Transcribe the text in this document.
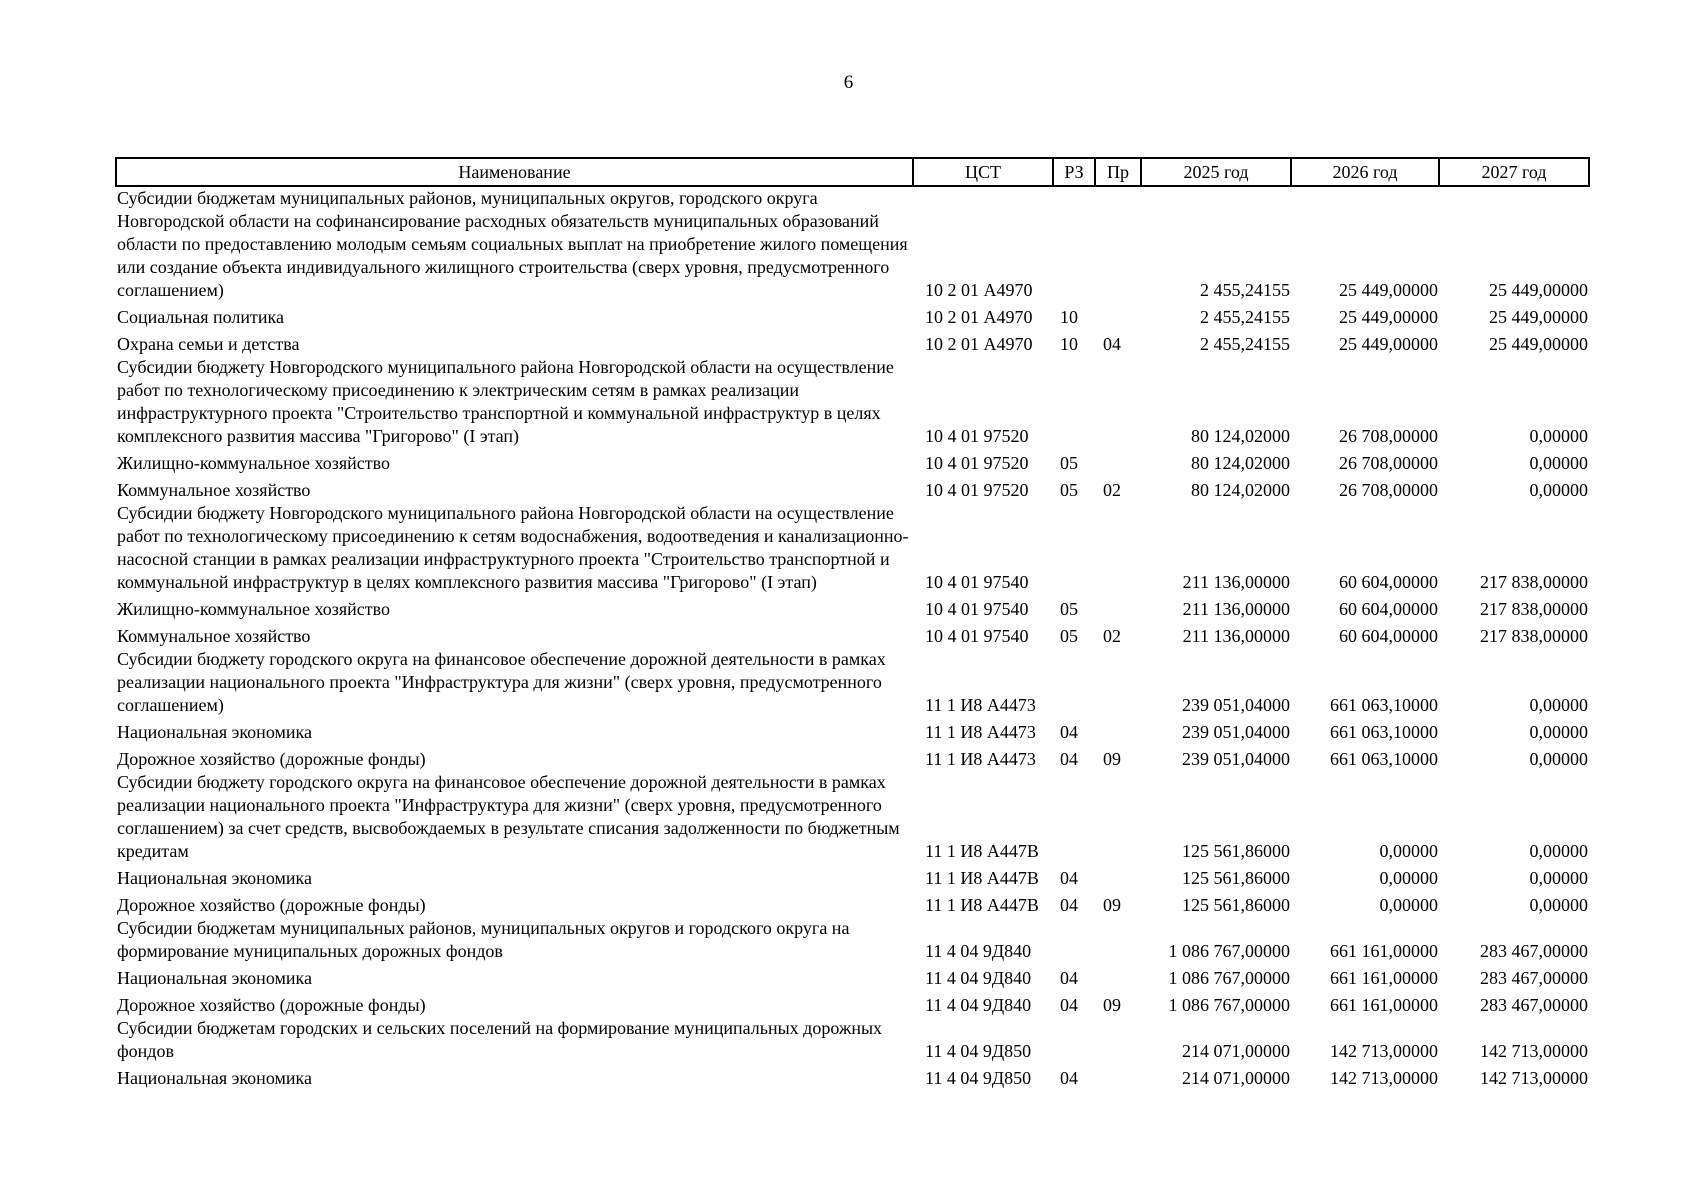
6
Наименование	ЦСТ	РЗ	Пр	2025 год	2026 год	2027 год
Субсидии бюджетам муниципальных районов, муниципальных округов, городского округа Новгородской области на софинансирование расходных обязательств муниципальных образований области по предоставлению молодым семьям социальных выплат на приобретение жилого помещения или создание объекта индивидуального жилищного строительства (сверх уровня, предусмотренного соглашением)	10 2 01 А4970			2 455,24155	25 449,00000	25 449,00000
Социальная политика	10 2 01 А4970	10		2 455,24155	25 449,00000	25 449,00000
Охрана семьи и детства	10 2 01 А4970	10	04	2 455,24155	25 449,00000	25 449,00000
Субсидии бюджету Новгородского муниципального района Новгородской области на осуществление работ по технологическому присоединению к электрическим сетям в рамках реализации инфраструктурного проекта "Строительство транспортной и коммунальной инфраструктур в целях комплексного развития массива "Григорово" (I этап)	10 4 01 97520			80 124,02000	26 708,00000	0,00000
Жилищно-коммунальное хозяйство	10 4 01 97520	05		80 124,02000	26 708,00000	0,00000
Коммунальное хозяйство	10 4 01 97520	05	02	80 124,02000	26 708,00000	0,00000
Субсидии бюджету Новгородского муниципального района Новгородской области на осуществление работ по технологическому присоединению к сетям водоснабжения, водоотведения и канализационно-насосной станции в рамках реализации инфраструктурного проекта "Строительство транспортной и коммунальной инфраструктур в целях комплексного развития массива "Григорово" (I этап)	10 4 01 97540			211 136,00000	60 604,00000	217 838,00000
Жилищно-коммунальное хозяйство	10 4 01 97540	05		211 136,00000	60 604,00000	217 838,00000
Коммунальное хозяйство	10 4 01 97540	05	02	211 136,00000	60 604,00000	217 838,00000
Субсидии бюджету городского округа на финансовое обеспечение дорожной деятельности в рамках реализации национального проекта "Инфраструктура для жизни" (сверх уровня, предусмотренного соглашением)	11 1 И8 А4473			239 051,04000	661 063,10000	0,00000
Национальная экономика	11 1 И8 А4473	04		239 051,04000	661 063,10000	0,00000
Дорожное хозяйство (дорожные фонды)	11 1 И8 А4473	04	09	239 051,04000	661 063,10000	0,00000
Субсидии бюджету городского округа на финансовое обеспечение дорожной деятельности в рамках реализации национального проекта "Инфраструктура для жизни" (сверх уровня, предусмотренного соглашением) за счет средств, высвобождаемых в результате списания задолженности по бюджетным кредитам	11 1 И8 А447В			125 561,86000	0,00000	0,00000
Национальная экономика	11 1 И8 А447В	04		125 561,86000	0,00000	0,00000
Дорожное хозяйство (дорожные фонды)	11 1 И8 А447В	04	09	125 561,86000	0,00000	0,00000
Субсидии бюджетам муниципальных районов, муниципальных округов и городского округа на формирование муниципальных дорожных фондов	11 4 04 9Д840			1 086 767,00000	661 161,00000	283 467,00000
Национальная экономика	11 4 04 9Д840	04		1 086 767,00000	661 161,00000	283 467,00000
Дорожное хозяйство (дорожные фонды)	11 4 04 9Д840	04	09	1 086 767,00000	661 161,00000	283 467,00000
Субсидии бюджетам городских и сельских поселений на формирование муниципальных дорожных фондов	11 4 04 9Д850			214 071,00000	142 713,00000	142 713,00000
Национальная экономика	11 4 04 9Д850	04		214 071,00000	142 713,00000	142 713,00000
